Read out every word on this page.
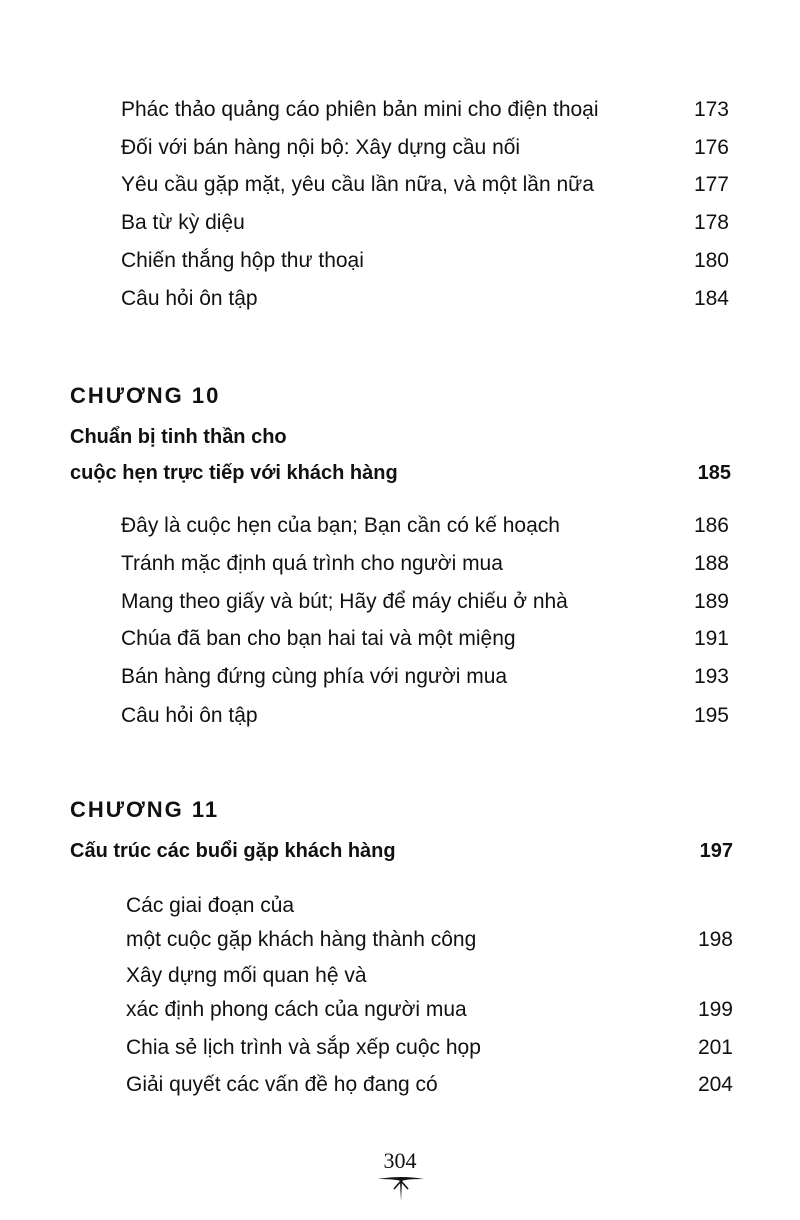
Phác thảo quảng cáo phiên bản mini cho điện thoại	173
Đối với bán hàng nội bộ: Xây dựng cầu nối	176
Yêu cầu gặp mặt, yêu cầu lần nữa, và một lần nữa	177
Ba từ kỳ diệu	178
Chiến thắng hộp thư thoại	180
Câu hỏi ôn tập	184
CHƯƠNG 10
Chuẩn bị tinh thần cho
cuộc hẹn trực tiếp với khách hàng	185
Đây là cuộc hẹn của bạn; Bạn cần có kế hoạch	186
Tránh mặc định quá trình cho người mua	188
Mang theo giấy và bút; Hãy để máy chiếu ở nhà	189
Chúa đã ban cho bạn hai tai và một miệng	191
Bán hàng đứng cùng phía với người mua	193
Câu hỏi ôn tập	195
CHƯƠNG 11
Cấu trúc các buổi gặp khách hàng	197
Các giai đoạn của
một cuộc gặp khách hàng thành công	198
Xây dựng mối quan hệ và
xác định phong cách của người mua	199
Chia sẻ lịch trình và sắp xếp cuộc họp	201
Giải quyết các vấn đề họ đang có	204
304
